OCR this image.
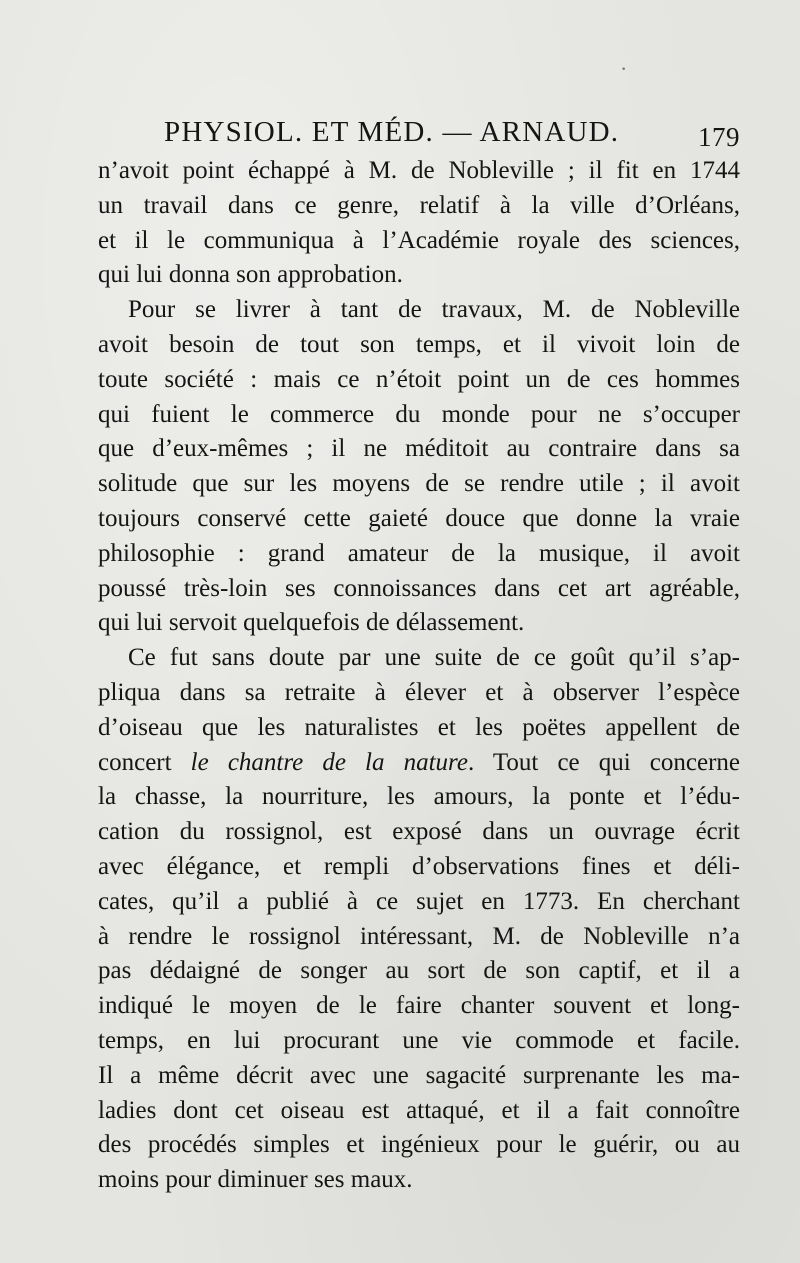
PHYSIOL. ET MÉD. — ARNAUD.	179

n’avoit point échappé à M. de Nobleville ; il fit en 1744
un travail dans ce genre, relatif à la ville d’Orléans,
et il le communiqua à l’Académie royale des sciences,
qui lui donna son approbation.

Pour se livrer à tant de travaux, M. de Nobleville
avoit besoin de tout son temps, et il vivoit loin de
toute société : mais ce n’étoit point un de ces hommes
qui fuient le commerce du monde pour ne s’occuper
que d’eux-mêmes ; il ne méditoit au contraire dans sa
solitude que sur les moyens de se rendre utile ; il avoit
toujours conservé cette gaieté douce que donne la vraie
philosophie : grand amateur de la musique, il avoit
poussé très-loin ses connoissances dans cet art agréable,
qui lui servoit quelquefois de délassement.

Ce fut sans doute par une suite de ce goût qu’il s’ap-
pliqua dans sa retraite à élever et à observer l’espèce
d’oiseau que les naturalistes et les poëtes appellent de
concert le chantre de la nature. Tout ce qui concerne
la chasse, la nourriture, les amours, la ponte et l’édu-
cation du rossignol, est exposé dans un ouvrage écrit
avec élégance, et rempli d’observations fines et déli-
cates, qu’il a publié à ce sujet en 1773. En cherchant
à rendre le rossignol intéressant, M. de Nobleville n’a
pas dédaigné de songer au sort de son captif, et il a
indiqué le moyen de le faire chanter souvent et long-
temps, en lui procurant une vie commode et facile.
Il a même décrit avec une sagacité surprenante les ma-
ladies dont cet oiseau est attaqué, et il a fait connoître
des procédés simples et ingénieux pour le guérir, ou au
moins pour diminuer ses maux.

·
